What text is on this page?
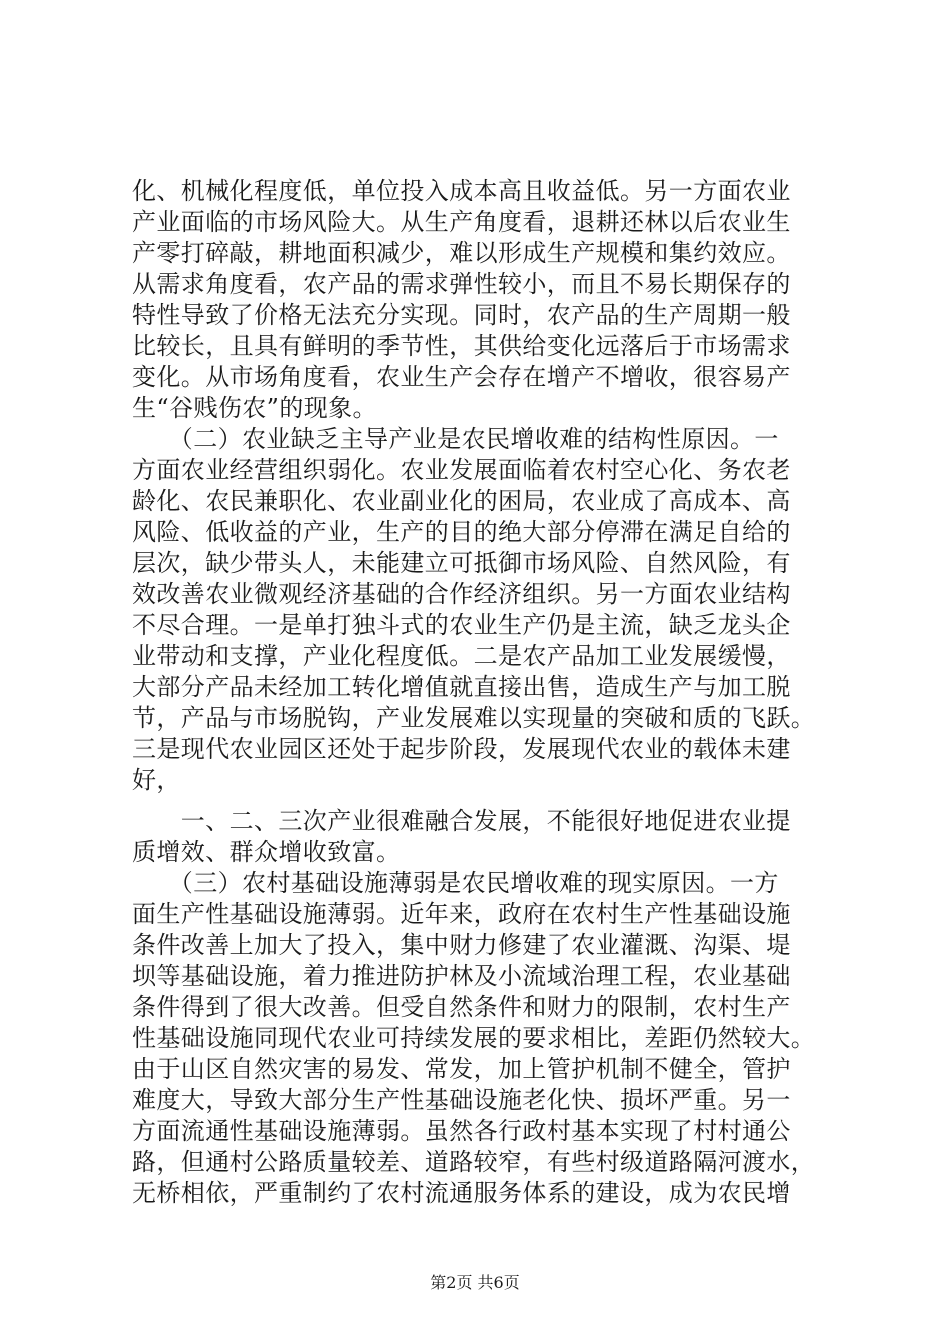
化、机械化程度低，单位投入成本高且收益低。另一方面农业
产业面临的市场风险大。从生产角度看，退耕还林以后农业生
产零打碎敲，耕地面积减少，难以形成生产规模和集约效应。
从需求角度看，农产品的需求弹性较小，而且不易长期保存的
特性导致了价格无法充分实现。同时，农产品的生产周期一般
比较长，且具有鲜明的季节性，其供给变化远落后于市场需求
变化。从市场角度看，农业生产会存在增产不增收，很容易产
生“谷贱伤农”的现象。
　　（二）农业缺乏主导产业是农民增收难的结构性原因。一
方面农业经营组织弱化。农业发展面临着农村空心化、务农老
龄化、农民兼职化、农业副业化的困局，农业成了高成本、高
风险、低收益的产业，生产的目的绝大部分停滞在满足自给的
层次，缺少带头人，未能建立可抵御市场风险、自然风险，有
效改善农业微观经济基础的合作经济组织。另一方面农业结构
不尽合理。一是单打独斗式的农业生产仍是主流，缺乏龙头企
业带动和支撑，产业化程度低。二是农产品加工业发展缓慢，
大部分产品未经加工转化增值就直接出售，造成生产与加工脱
节，产品与市场脱钩，产业发展难以实现量的突破和质的飞跃。
三是现代农业园区还处于起步阶段，发展现代农业的载体未建
好，
　　一、二、三次产业很难融合发展，不能很好地促进农业提
质增效、群众增收致富。
　　（三）农村基础设施薄弱是农民增收难的现实原因。一方
面生产性基础设施薄弱。近年来，政府在农村生产性基础设施
条件改善上加大了投入，集中财力修建了农业灌溉、沟渠、堤
坝等基础设施，着力推进防护林及小流域治理工程，农业基础
条件得到了很大改善。但受自然条件和财力的限制，农村生产
性基础设施同现代农业可持续发展的要求相比，差距仍然较大。
由于山区自然灾害的易发、常发，加上管护机制不健全，管护
难度大，导致大部分生产性基础设施老化快、损坏严重。另一
方面流通性基础设施薄弱。虽然各行政村基本实现了村村通公
路，但通村公路质量较差、道路较窄，有些村级道路隔河渡水，
无桥相依，严重制约了农村流通服务体系的建设，成为农民增
第2页 共6页
